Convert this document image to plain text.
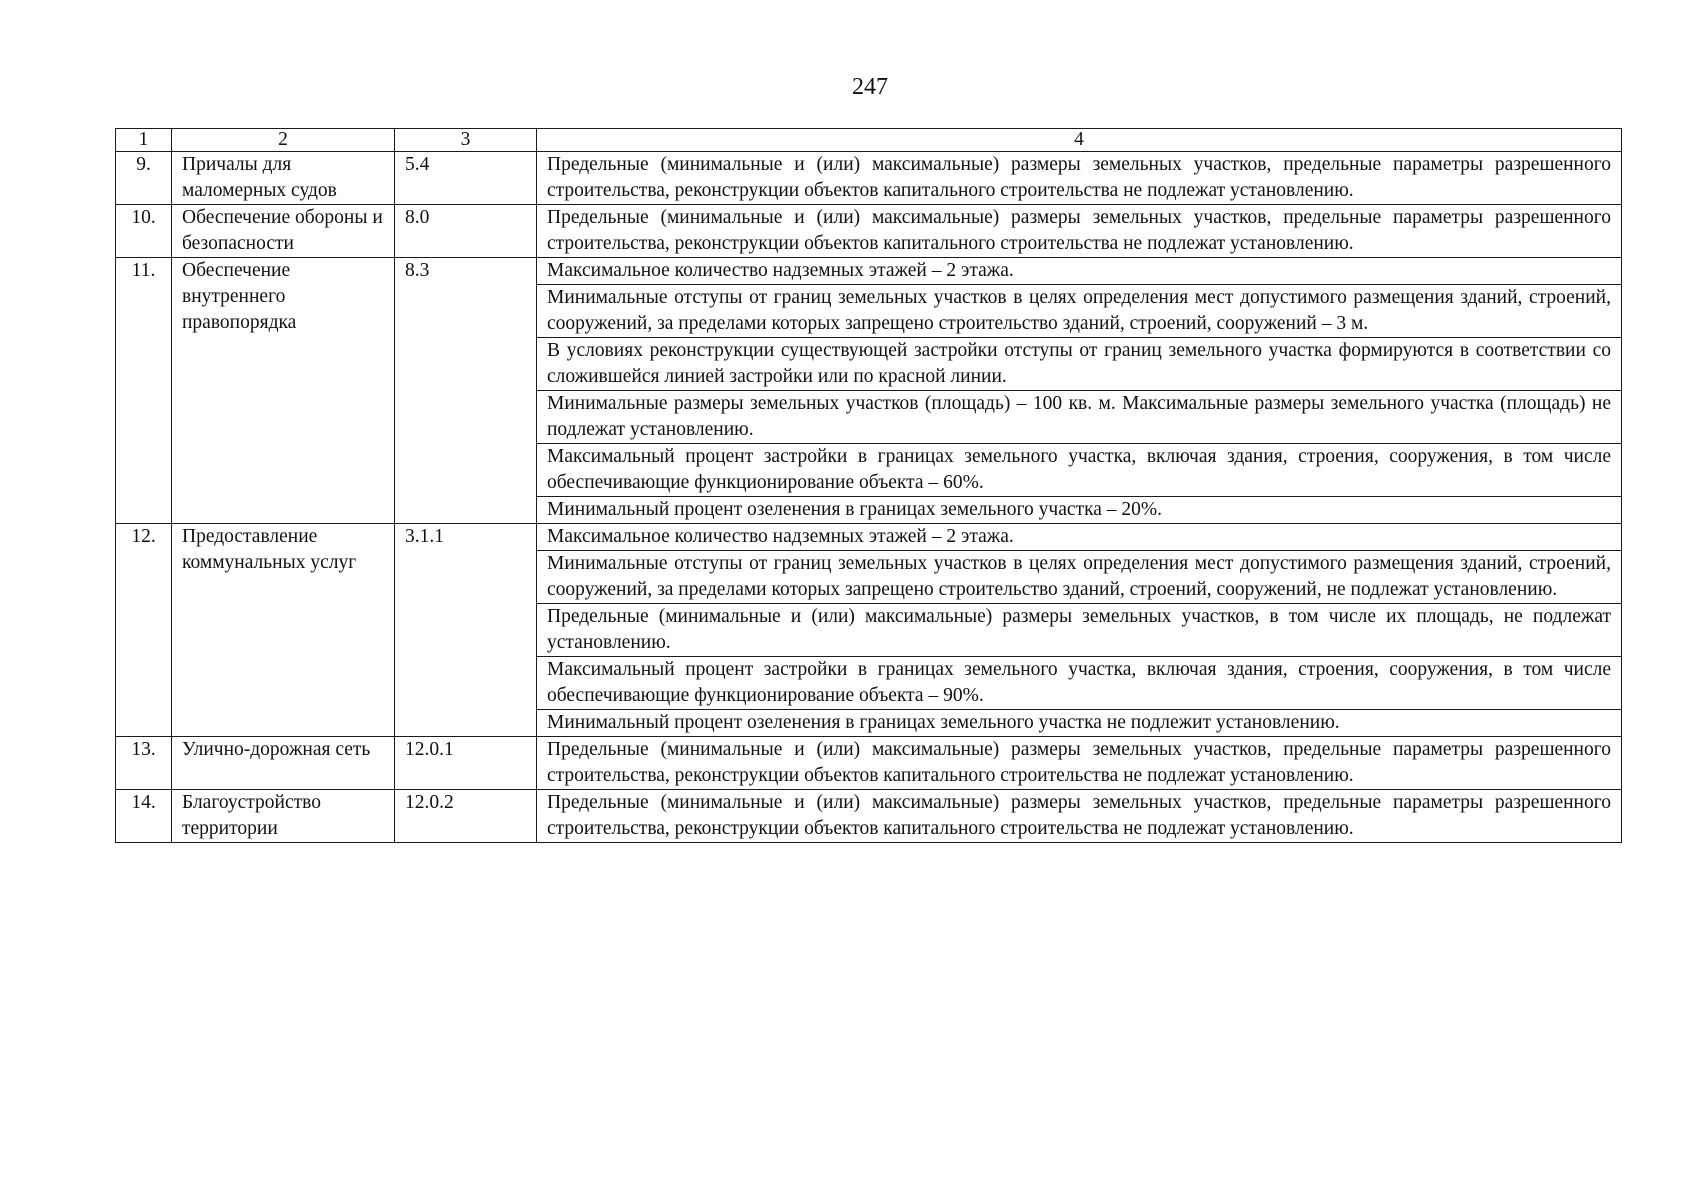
247
1	2	3	4
9.	Причалы для маломерных судов	5.4	Предельные (минимальные и (или) максимальные) размеры земельных участков, предельные параметры разрешенного строительства, реконструкции объектов капитального строительства не подлежат установлению.
10.	Обеспечение обороны и безопасности	8.0	Предельные (минимальные и (или) максимальные) размеры земельных участков, предельные параметры разрешенного строительства, реконструкции объектов капитального строительства не подлежат установлению.
11.	Обеспечение внутреннего правопорядка	8.3	Максимальное количество надземных этажей – 2 этажа.
			Минимальные отступы от границ земельных участков в целях определения мест допустимого размещения зданий, строений, сооружений, за пределами которых запрещено строительство зданий, строений, сооружений – 3 м.
			В условиях реконструкции существующей застройки отступы от границ земельного участка формируются в соответствии со сложившейся линией застройки или по красной линии.
			Минимальные размеры земельных участков (площадь) – 100 кв. м. Максимальные размеры земельного участка (площадь) не подлежат установлению.
			Максимальный процент застройки в границах земельного участка, включая здания, строения, сооружения, в том числе обеспечивающие функционирование объекта – 60%.
			Минимальный процент озеленения в границах земельного участка – 20%.
12.	Предоставление коммунальных услуг	3.1.1	Максимальное количество надземных этажей – 2 этажа.
			Минимальные отступы от границ земельных участков в целях определения мест допустимого размещения зданий, строений, сооружений, за пределами которых запрещено строительство зданий, строений, сооружений, не подлежат установлению.
			Предельные (минимальные и (или) максимальные) размеры земельных участков, в том числе их площадь, не подлежат установлению.
			Максимальный процент застройки в границах земельного участка, включая здания, строения, сооружения, в том числе обеспечивающие функционирование объекта – 90%.
			Минимальный процент озеленения в границах земельного участка не подлежит установлению.
13.	Улично-дорожная сеть	12.0.1	Предельные (минимальные и (или) максимальные) размеры земельных участков, предельные параметры разрешенного строительства, реконструкции объектов капитального строительства не подлежат установлению.
14.	Благоустройство территории	12.0.2	Предельные (минимальные и (или) максимальные) размеры земельных участков, предельные параметры разрешенного строительства, реконструкции объектов капитального строительства не подлежат установлению.
